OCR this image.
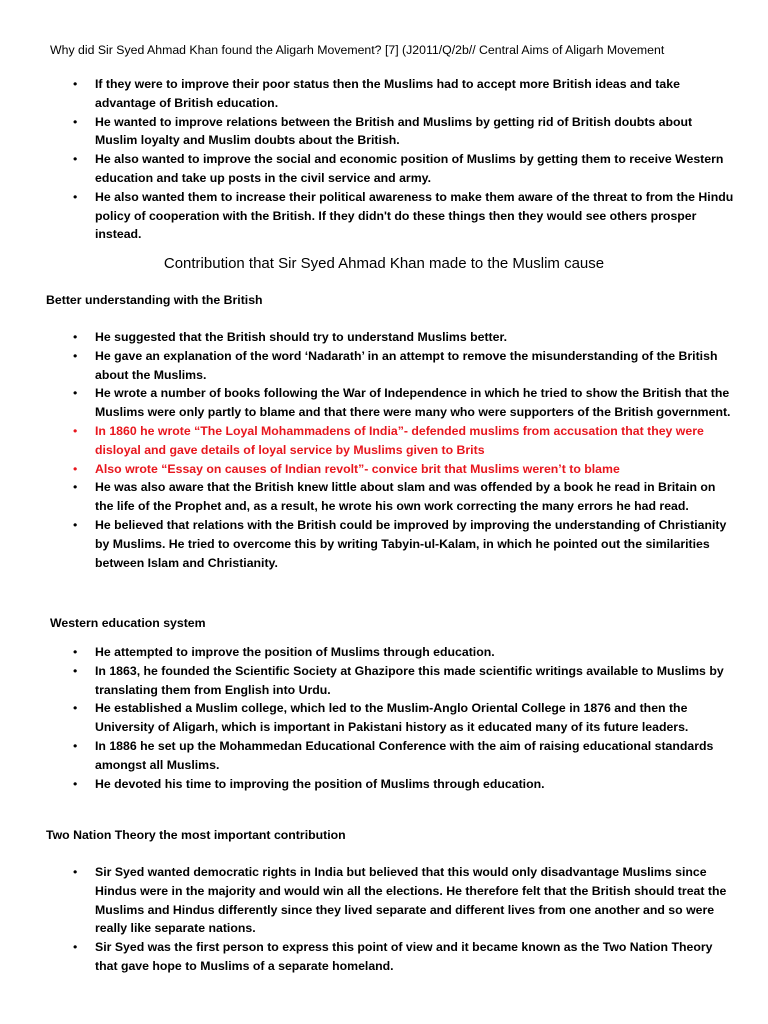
Why did Sir Syed Ahmad Khan found the Aligarh Movement? [7] (J2011/Q/2b// Central Aims of Aligarh Movement
• If they were to improve their poor status then the Muslims had to accept more British ideas and take advantage of British education.
• He wanted to improve relations between the British and Muslims by getting rid of British doubts about Muslim loyalty and Muslim doubts about the British.
• He also wanted to improve the social and economic position of Muslims by getting them to receive Western education and take up posts in the civil service and army.
• He also wanted them to increase their political awareness to make them aware of the threat to from the Hindu policy of cooperation with the British. If they didn't do these things then they would see others prosper instead.
Contribution that Sir Syed Ahmad Khan made to the Muslim cause
Better understanding with the British
• He suggested that the British should try to understand Muslims better.
• He gave an explanation of the word ‘Nadarath’ in an attempt to remove the misunderstanding of the British about the Muslims.
• He wrote a number of books following the War of Independence in which he tried to show the British that the Muslims were only partly to blame and that there were many who were supporters of the British government.
• In 1860 he wrote “The Loyal Mohammadens of India”- defended muslims from accusation that they were disloyal and gave details of loyal service by Muslims given to Brits
• Also wrote “Essay on causes of Indian revolt”- convice brit that Muslims weren’t to blame
• He was also aware that the British knew little about slam and was offended by a book he read in Britain on the life of the Prophet and, as a result, he wrote his own work correcting the many errors he had read.
• He believed that relations with the British could be improved by improving the understanding of Christianity by Muslims. He tried to overcome this by writing Tabyin-ul-Kalam, in which he pointed out the similarities between Islam and Christianity.
Western education system
• He attempted to improve the position of Muslims through education.
• In 1863, he founded the Scientific Society at Ghazipore this made scientific writings available to Muslims by translating them from English into Urdu.
• He established a Muslim college, which led to the Muslim-Anglo Oriental College in 1876 and then the University of Aligarh, which is important in Pakistani history as it educated many of its future leaders.
• In 1886 he set up the Mohammedan Educational Conference with the aim of raising educational standards amongst all Muslims.
• He devoted his time to improving the position of Muslims through education.
Two Nation Theory the most important contribution
• Sir Syed wanted democratic rights in India but believed that this would only disadvantage Muslims since Hindus were in the majority and would win all the elections. He therefore felt that the British should treat the Muslims and Hindus differently since they lived separate and different lives from one another and so were really like separate nations.
• Sir Syed was the first person to express this point of view and it became known as the Two Nation Theory that gave hope to Muslims of a separate homeland.
